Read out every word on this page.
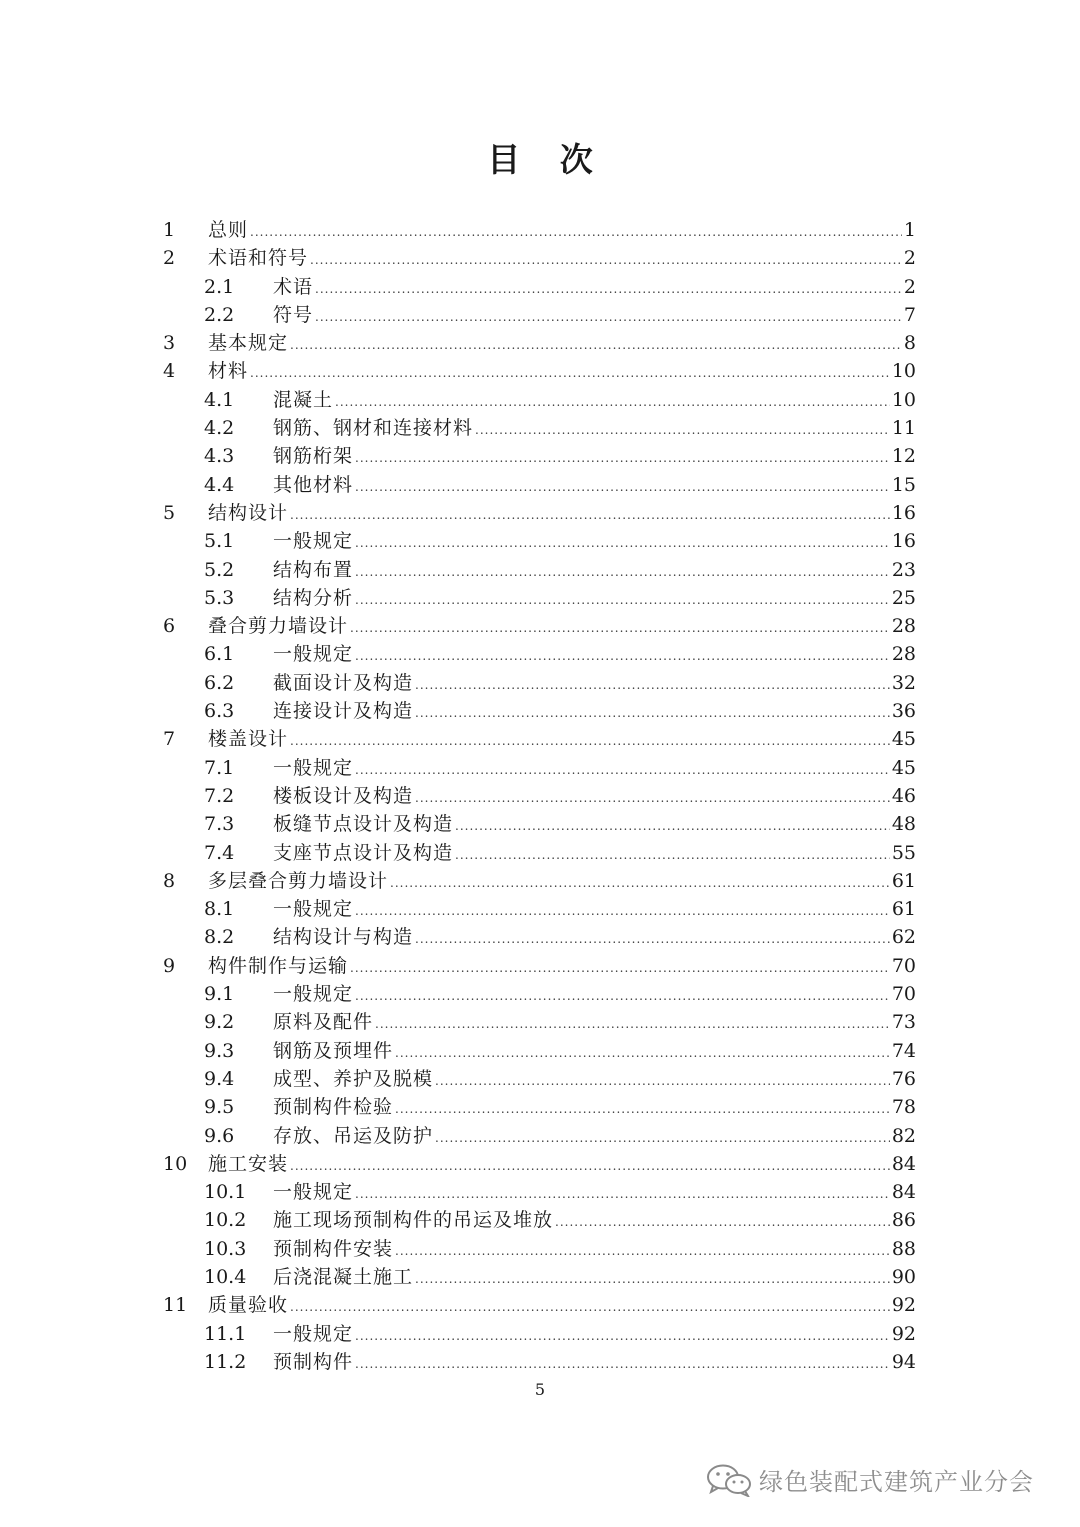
目 次
1	总则 .....	1
2	术语和符号 .....	2
2.1	术语 .....	2
2.2	符号 .....	7
3	基本规定 .....	8
4	材料 .....	10
4.1	混凝土 .....	10
4.2	钢筋、钢材和连接材料 .....	11
4.3	钢筋桁架 .....	12
4.4	其他材料 .....	15
5	结构设计 .....	16
5.1	一般规定 .....	16
5.2	结构布置 .....	23
5.3	结构分析 .....	25
6	叠合剪力墙设计 .....	28
6.1	一般规定 .....	28
6.2	截面设计及构造 .....	32
6.3	连接设计及构造 .....	36
7	楼盖设计 .....	45
7.1	一般规定 .....	45
7.2	楼板设计及构造 .....	46
7.3	板缝节点设计及构造 .....	48
7.4	支座节点设计及构造 .....	55
8	多层叠合剪力墙设计 .....	61
8.1	一般规定 .....	61
8.2	结构设计与构造 .....	62
9	构件制作与运输 .....	70
9.1	一般规定 .....	70
9.2	原料及配件 .....	73
9.3	钢筋及预埋件 .....	74
9.4	成型、养护及脱模 .....	76
9.5	预制构件检验 .....	78
9.6	存放、吊运及防护 .....	82
10	施工安装 .....	84
10.1	一般规定 .....	84
10.2	施工现场预制构件的吊运及堆放 .....	86
10.3	预制构件安装 .....	88
10.4	后浇混凝土施工 .....	90
11	质量验收 .....	92
11.1	一般规定 .....	92
11.2	预制构件 .....	94
5
绿色装配式建筑产业分会
